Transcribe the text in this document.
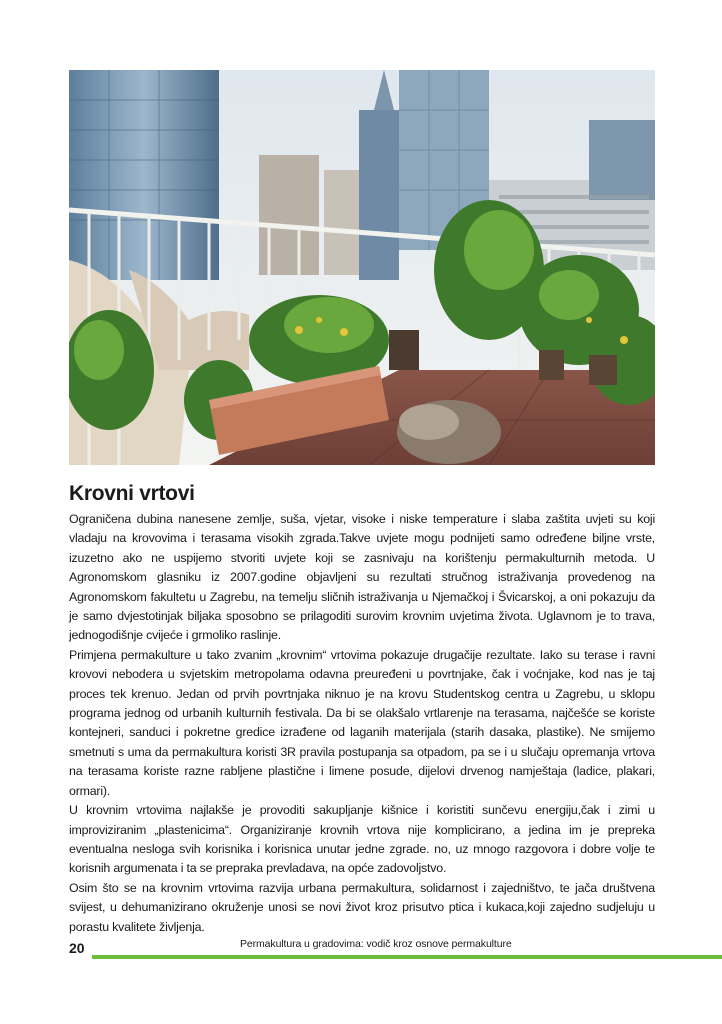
Krovni vrtovi

Ograničena dubina nanesene zemlje, suša, vjetar, visoke i niske temperature i slaba zaštita uvjeti su koji vladaju na krovovima i terasama visokih zgrada.Takve uvjete mogu podnijeti samo određene biljne vrste, izuzetno ako ne uspijemo stvoriti uvjete koji se zasnivaju na korištenju permakulturnih metoda. U Agronomskom glasniku iz 2007.godine objavljeni su rezultati stručnog istraživanja provedenog na Agronomskom fakultetu u Zagrebu, na temelju sličnih istraživanja u Njemačkoj i Švicarskoj, a oni pokazuju da je samo dvjestotinjak biljaka sposobno se prilagoditi surovim krovnim uvjetima života. Uglavnom je to trava, jednogodišnje cvijeće i grmoliko raslinje.

Primjena permakulture u tako zvanim „krovnim“ vrtovima pokazuje drugačije rezultate. Iako su terase i ravni krovovi nebodera u svjetskim metropolama odavna preuređeni u povrtnjake, čak i voćnjake, kod nas je taj proces tek krenuo. Jedan od prvih povrtnjaka niknuo je na krovu Studentskog centra u Zagrebu, u sklopu programa jednog od urbanih kulturnih festivala. Da bi se olakšalo vrtlarenje na terasama, najčešće se koriste kontejneri, sanduci i pokretne gredice izrađene od laganih materijala (starih dasaka, plastike). Ne smijemo smetnuti s uma da permakultura koristi 3R pravila postupanja sa otpadom, pa se i u slučaju opremanja vrtova na terasama koriste razne rabljene plastične i limene posude, dijelovi drvenog namještaja (ladice, plakari, ormari).

U krovnim vrtovima najlakše je provoditi sakupljanje kišnice i koristiti sunčevu energiju,čak i zimi u improviziranim „plastenicima“. Organiziranje krovnih vrtova nije komplicirano, a jedina im je prepreka eventualna nesloga svih korisnika i korisnica unutar jedne zgrade. no, uz mnogo razgovora i dobre volje te korisnih argumenata i ta se prepraka prevladava, na opće zadovoljstvo.

Osim što se na krovnim vrtovima razvija urbana permakultura, solidarnost i zajedništvo, te jača društvena svijest, u dehumanizirano okruženje unosi se novi život kroz prisutvo ptica i kukaca,koji zajedno sudjeluju u porastu kvalitete življenja.

20	Permakultura u gradovima: vodič kroz osnove permakulture
